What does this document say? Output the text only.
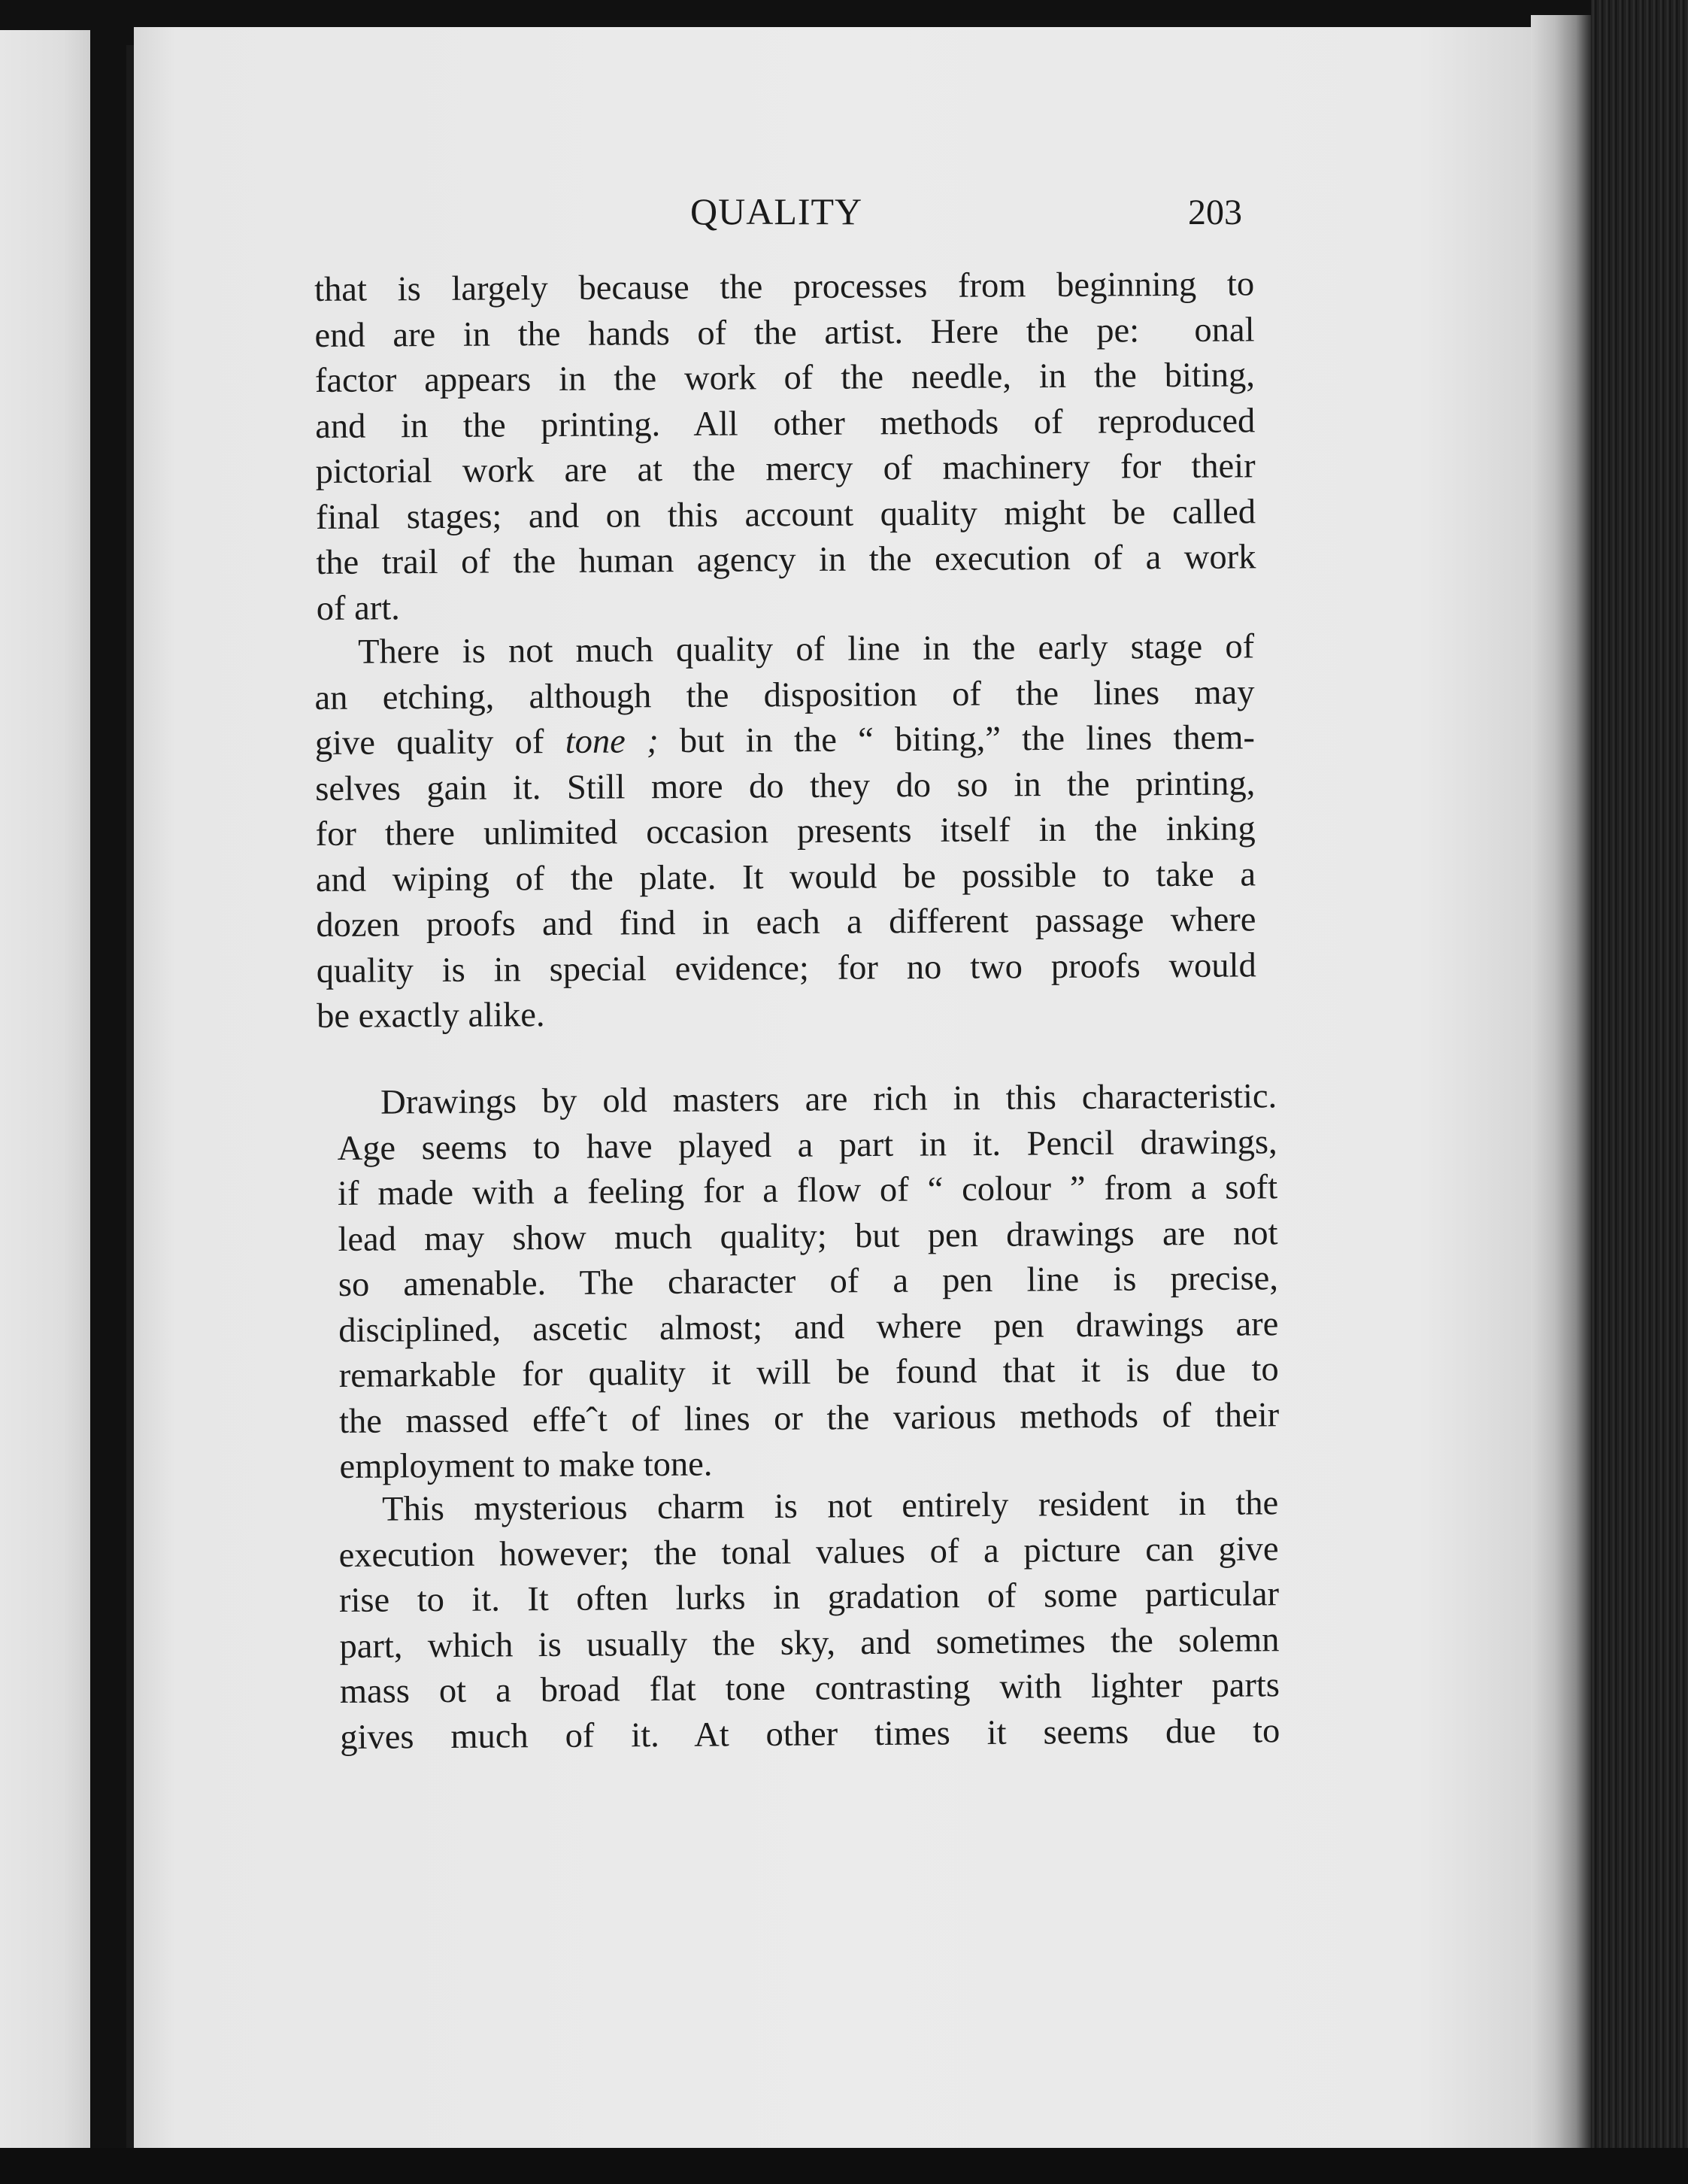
QUALITY	203
that is largely because the processes from beginning to
end are in the hands of the artist. Here the pe:  onal
factor appears in the work of the needle, in the biting,
and in the printing. All other methods of reproduced
pictorial work are at the mercy of machinery for their
final stages; and on this account quality might be called
the trail of the human agency in the execution of a work
of art.
There is not much quality of line in the early stage of
an etching, although the disposition of the lines may
give quality of tone ; but in the “ biting,” the lines them-
selves gain it. Still more do they do so in the printing,
for there unlimited occasion presents itself in the inking
and wiping of the plate. It would be possible to take a
dozen proofs and find in each a different passage where
quality is in special evidence; for no two proofs would
be exactly alike.
Drawings by old masters are rich in this characteristic.
Age seems to have played a part in it. Pencil drawings,
if made with a feeling for a flow of “ colour ” from a soft
lead may show much quality; but pen drawings are not
so amenable. The character of a pen line is precise,
disciplined, ascetic almost; and where pen drawings are
remarkable for quality it will be found that it is due to
the massed effeˆt of lines or the various methods of their
employment to make tone.
This mysterious charm is not entirely resident in the
execution however; the tonal values of a picture can give
rise to it. It often lurks in gradation of some particular
part, which is usually the sky, and sometimes the solemn
mass ot a broad flat tone contrasting with lighter parts
gives much of it. At other times it seems due to
